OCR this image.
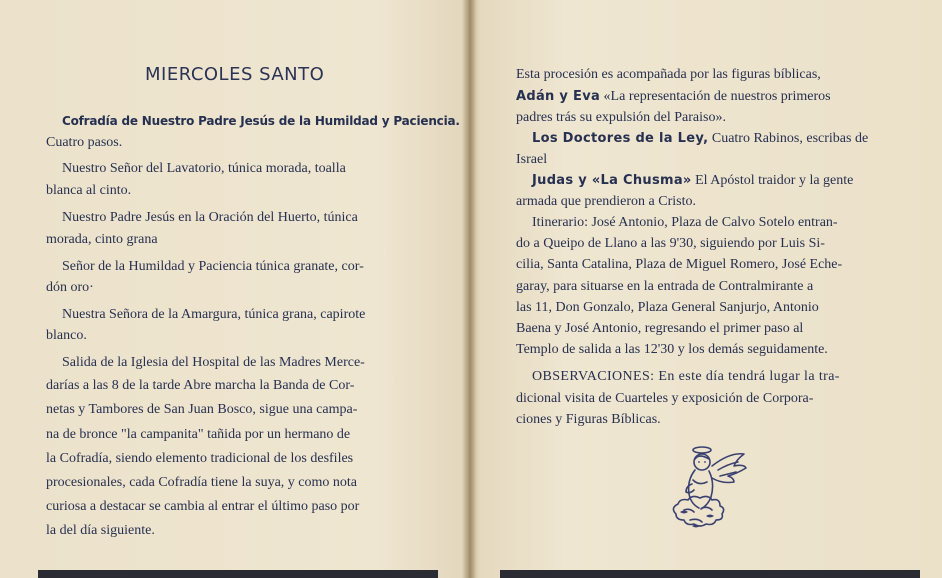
MIERCOLES SANTO
Cofradía de Nuestro Padre Jesús de la Humildad y Paciencia.
Cuatro pasos.
Nuestro Señor del Lavatorio, túnica morada, toalla
blanca al cinto.
Nuestro Padre Jesús en la Oración del Huerto, túnica
morada, cinto grana
Señor de la Humildad y Paciencia túnica granate, cor-
dón oro·
Nuestra Señora de la Amargura, túnica grana, capirote
blanco.
Salida de la Iglesia del Hospital de las Madres Merce-
darías a las 8 de la tarde Abre marcha la Banda de Cor-
netas y Tambores de San Juan Bosco, sigue una campa-
na de bronce "la campanita" tañida por un hermano de
la Cofradía, siendo elemento tradicional de los desfiles
procesionales, cada Cofradía tiene la suya, y como nota
curiosa a destacar se cambia al entrar el último paso por
la del día siguiente.
Esta procesión es acompañada por las figuras bíblicas,
Adán y Eva «La representación de nuestros primeros
padres trás su expulsión del Paraiso».
Los Doctores de la Ley, Cuatro Rabinos, escribas de
Israel
Judas y «La Chusma» El Apóstol traidor y la gente
armada que prendieron a Cristo.
Itinerario: José Antonio, Plaza de Calvo Sotelo entran-
do a Queipo de Llano a las 9'30, siguiendo por Luis Si-
cilia, Santa Catalina, Plaza de Miguel Romero, José Eche-
garay, para situarse en la entrada de Contralmirante a
las 11, Don Gonzalo, Plaza General Sanjurjo, Antonio
Baena y José Antonio, regresando el primer paso al
Templo de salida a las 12'30 y los demás seguidamente.
OBSERVACIONES: En este día tendrá lugar la tra-
dicional visita de Cuarteles y exposición de Corpora-
ciones y Figuras Bíblicas.
